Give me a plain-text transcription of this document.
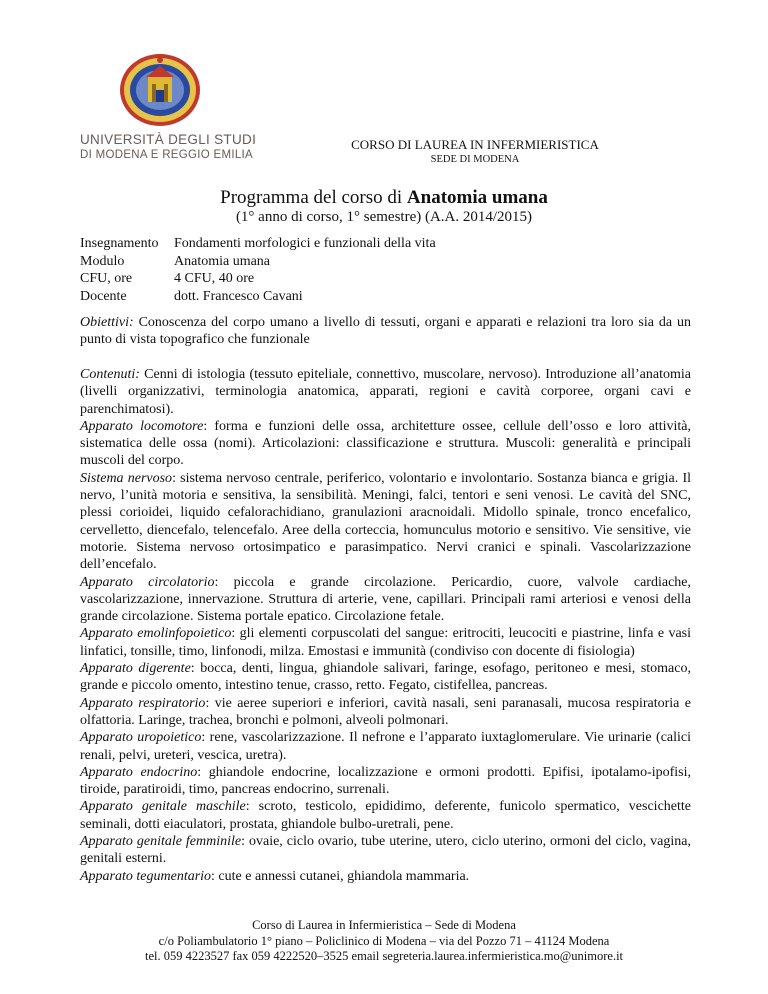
UNIVERSITÀ DEGLI STUDI
DI MODENA E REGGIO EMILIA
CORSO DI LAUREA IN INFERMIERISTICA
SEDE DI MODENA
Programma del corso di Anatomia umana
(1° anno di corso, 1° semestre) (A.A. 2014/2015)
Insegnamento	Fondamenti morfologici e funzionali della vita
Modulo	Anatomia umana
CFU, ore	4 CFU, 40 ore
Docente	dott. Francesco Cavani
Obiettivi: Conoscenza del corpo umano a livello di tessuti, organi e apparati e relazioni tra loro sia da un punto di vista topografico che funzionale
Contenuti: Cenni di istologia (tessuto epiteliale, connettivo, muscolare, nervoso). Introduzione all’anatomia (livelli organizzativi, terminologia anatomica, apparati, regioni e cavità corporee, organi cavi e parenchimatosi).
Apparato locomotore: forma e funzioni delle ossa, architetture ossee, cellule dell’osso e loro attività, sistematica delle ossa (nomi). Articolazioni: classificazione e struttura. Muscoli: generalità e principali muscoli del corpo.
Sistema nervoso: sistema nervoso centrale, periferico, volontario e involontario. Sostanza bianca e grigia. Il nervo, l’unità motoria e sensitiva, la sensibilità. Meningi, falci, tentori e seni venosi. Le cavità del SNC, plessi corioidei, liquido cefalorachidiano, granulazioni aracnoidali. Midollo spinale, tronco encefalico, cervelletto, diencefalo, telencefalo. Aree della corteccia, homunculus motorio e sensitivo. Vie sensitive, vie motorie. Sistema nervoso ortosimpatico e parasimpatico. Nervi cranici e spinali. Vascolarizzazione dell’encefalo.
Apparato circolatorio: piccola e grande circolazione. Pericardio, cuore, valvole cardiache, vascolarizzazione, innervazione. Struttura di arterie, vene, capillari. Principali rami arteriosi e venosi della grande circolazione. Sistema portale epatico. Circolazione fetale.
Apparato emolinfopoietico: gli elementi corpuscolati del sangue: eritrociti, leucociti e piastrine, linfa e vasi linfatici, tonsille, timo, linfonodi, milza. Emostasi e immunità (condiviso con docente di fisiologia)
Apparato digerente: bocca, denti, lingua, ghiandole salivari, faringe, esofago, peritoneo e mesi, stomaco, grande e piccolo omento, intestino tenue, crasso, retto. Fegato, cistifellea, pancreas.
Apparato respiratorio: vie aeree superiori e inferiori, cavità nasali, seni paranasali, mucosa respiratoria e olfattoria. Laringe, trachea, bronchi e polmoni, alveoli polmonari.
Apparato uropoietico: rene, vascolarizzazione. Il nefrone e l’apparato iuxtaglomerulare. Vie urinarie (calici renali, pelvi, ureteri, vescica, uretra).
Apparato endocrino: ghiandole endocrine, localizzazione e ormoni prodotti. Epifisi, ipotalamo-ipofisi, tiroide, paratiroidi, timo, pancreas endocrino, surrenali.
Apparato genitale maschile: scroto, testicolo, epididimo, deferente, funicolo spermatico, vescichette seminali, dotti eiaculatori, prostata, ghiandole bulbo-uretrali, pene.
Apparato genitale femminile: ovaie, ciclo ovario, tube uterine, utero, ciclo uterino, ormoni del ciclo, vagina, genitali esterni.
Apparato tegumentario: cute e annessi cutanei, ghiandola mammaria.
Corso di Laurea in Infermieristica – Sede di Modena
c/o Poliambulatorio 1° piano – Policlinico di Modena – via del Pozzo 71 – 41124 Modena
tel. 059 4223527 fax 059 4222520–3525 email segreteria.laurea.infermieristica.mo@unimore.it
